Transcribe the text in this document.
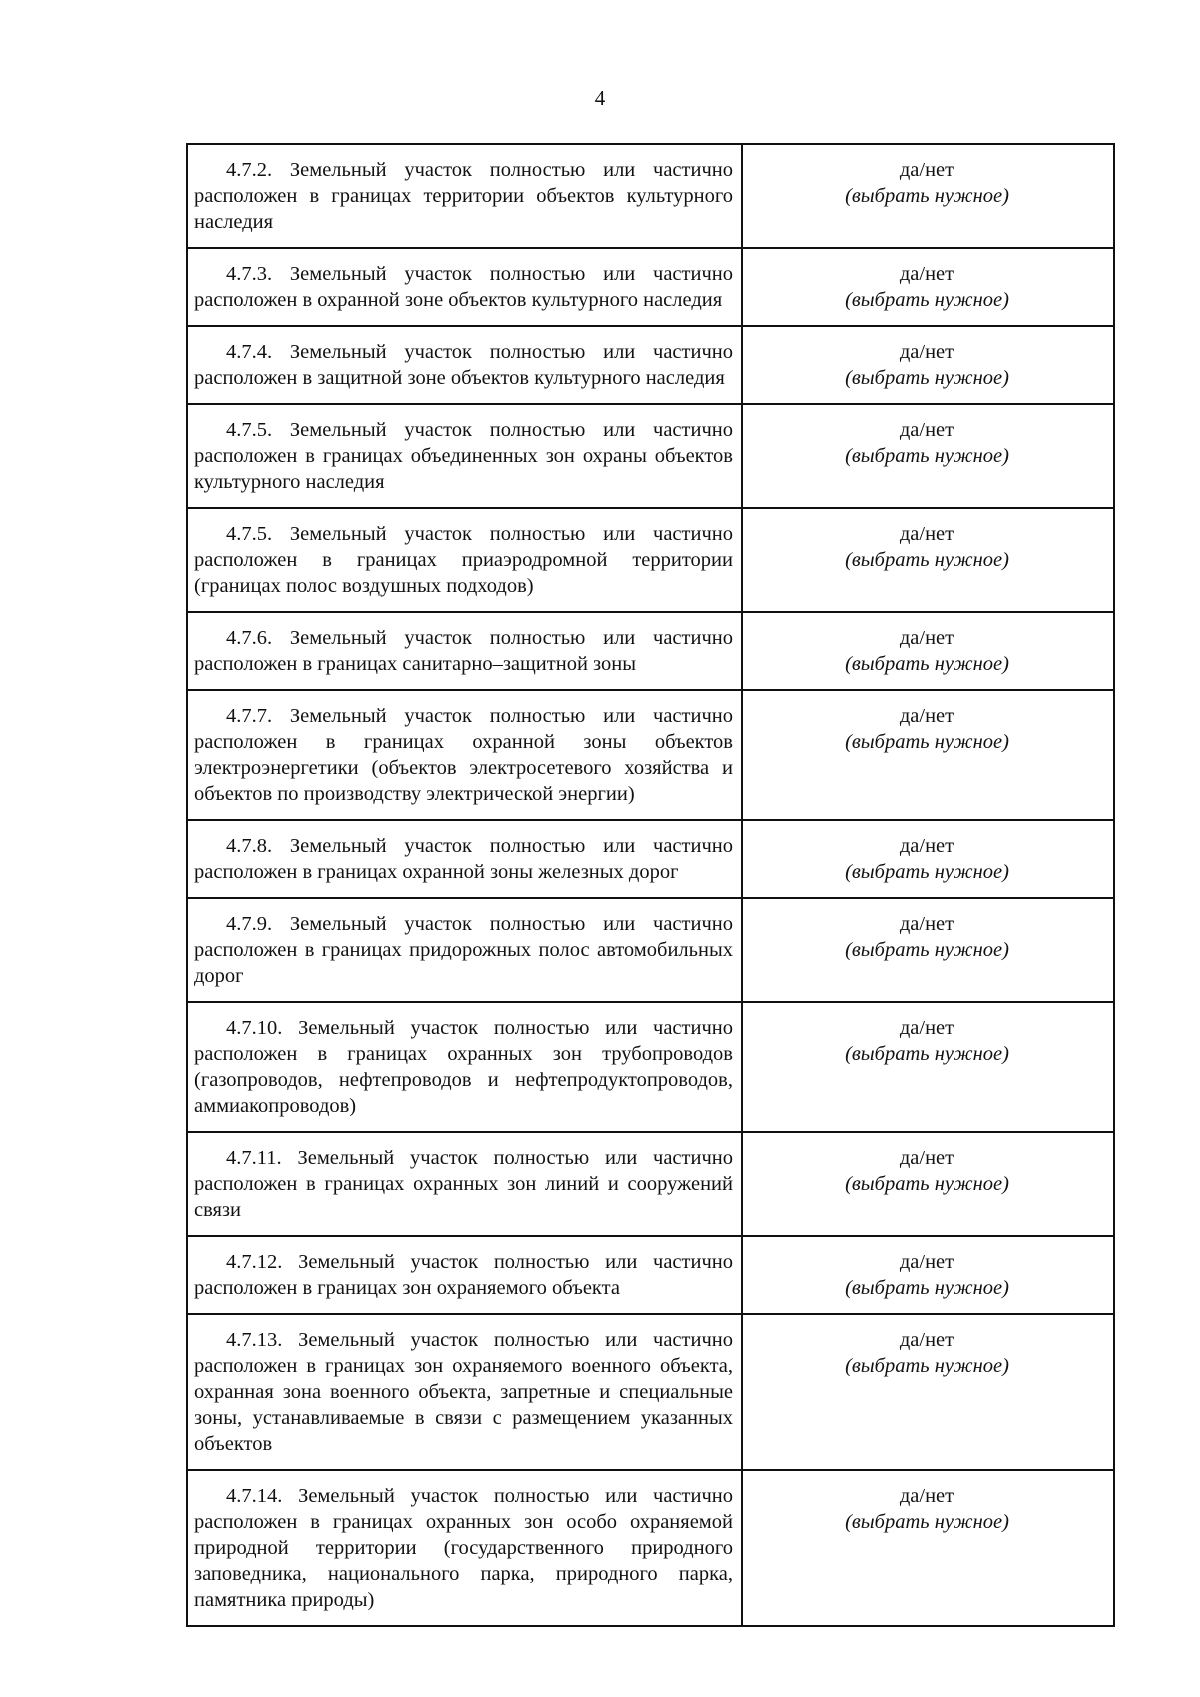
4
4.7.2. Земельный участок полностью или частично расположен в границах территории объектов культурного наследия	да/нет
(выбрать нужное)

4.7.3. Земельный участок полностью или частично расположен в охранной зоне объектов культурного наследия	да/нет
(выбрать нужное)

4.7.4. Земельный участок полностью или частично расположен в защитной зоне объектов культурного наследия	да/нет
(выбрать нужное)

4.7.5. Земельный участок полностью или частично расположен в границах объединенных зон охраны объектов культурного наследия	да/нет
(выбрать нужное)

4.7.5. Земельный участок полностью или частично расположен в границах приаэродромной территории (границах полос воздушных подходов)	да/нет
(выбрать нужное)

4.7.6. Земельный участок полностью или частично расположен в границах санитарно–защитной зоны	да/нет
(выбрать нужное)

4.7.7. Земельный участок полностью или частично расположен в границах охранной зоны объектов электроэнергетики (объектов электросетевого хозяйства и объектов по производству электрической энергии)	да/нет
(выбрать нужное)

4.7.8. Земельный участок полностью или частично расположен в границах охранной зоны железных дорог	да/нет
(выбрать нужное)

4.7.9. Земельный участок полностью или частично расположен в границах придорожных полос автомобильных дорог	да/нет
(выбрать нужное)

4.7.10. Земельный участок полностью или частично расположен в границах охранных зон трубопроводов (газопроводов, нефтепроводов и нефтепродуктопроводов, аммиакопроводов)	да/нет
(выбрать нужное)

4.7.11. Земельный участок полностью или частично расположен в границах охранных зон линий и сооружений связи	да/нет
(выбрать нужное)

4.7.12. Земельный участок полностью или частично расположен в границах зон охраняемого объекта	да/нет
(выбрать нужное)

4.7.13. Земельный участок полностью или частично расположен в границах зон охраняемого военного объекта, охранная зона военного объекта, запретные и специальные зоны, устанавливаемые в связи с размещением указанных объектов	да/нет
(выбрать нужное)

4.7.14. Земельный участок полностью или частично расположен в границах охранных зон особо охраняемой природной территории (государственного природного заповедника, национального парка, природного парка, памятника природы)	да/нет
(выбрать нужное)
